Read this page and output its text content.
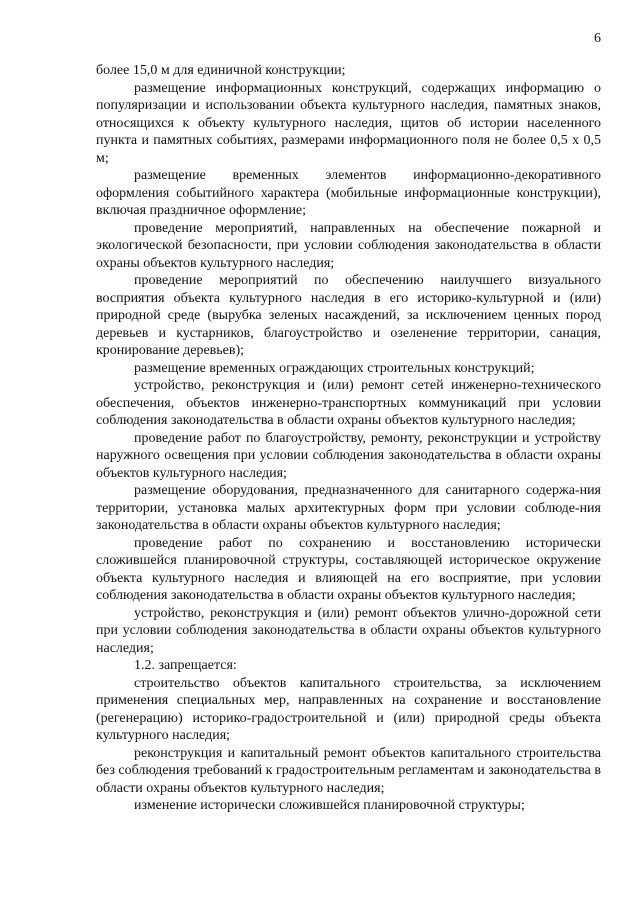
6

более 15,0 м для единичной конструкции;

размещение информационных конструкций, содержащих информацию о популяризации и использовании объекта культурного наследия, памятных знаков, относящихся к объекту культурного наследия, щитов об истории населенного пункта и памятных событиях, размерами информационного поля не более 0,5 х 0,5 м;

размещение временных элементов информационно-декоративного оформления событийного характера (мобильные информационные конструкции), включая праздничное оформление;

проведение мероприятий, направленных на обеспечение пожарной и экологической безопасности, при условии соблюдения законодательства в области охраны объектов культурного наследия;

проведение мероприятий по обеспечению наилучшего визуального восприятия объекта культурного наследия в его историко-культурной и (или) природной среде (вырубка зеленых насаждений, за исключением ценных пород деревьев и кустарников, благоустройство и озеленение территории, санация, кронирование деревьев);

размещение временных ограждающих строительных конструкций;

устройство, реконструкция и (или) ремонт сетей инженерно-технического обеспечения, объектов инженерно-транспортных коммуникаций при условии соблюдения законодательства в области охраны объектов культурного наследия;

проведение работ по благоустройству, ремонту, реконструкции и устройству наружного освещения при условии соблюдения законодательства в области охраны объектов культурного наследия;

размещение оборудования, предназначенного для санитарного содержа-ния территории, установка малых архитектурных форм при условии соблюде-ния законодательства в области охраны объектов культурного наследия;

проведение работ по сохранению и восстановлению исторически сложившейся планировочной структуры, составляющей историческое окружение объекта культурного наследия и влияющей на его восприятие, при условии соблюдения законодательства в области охраны объектов культурного наследия;

устройство, реконструкция и (или) ремонт объектов улично-дорожной сети при условии соблюдения законодательства в области охраны объектов культурного наследия;

1.2. запрещается:

строительство объектов капитального строительства, за исключением применения специальных мер, направленных на сохранение и восстановление (регенерацию) историко-градостроительной и (или) природной среды объекта культурного наследия;

реконструкция и капитальный ремонт объектов капитального строительства без соблюдения требований к градостроительным регламентам и законодательства в области охраны объектов культурного наследия;

изменение исторически сложившейся планировочной структуры;
